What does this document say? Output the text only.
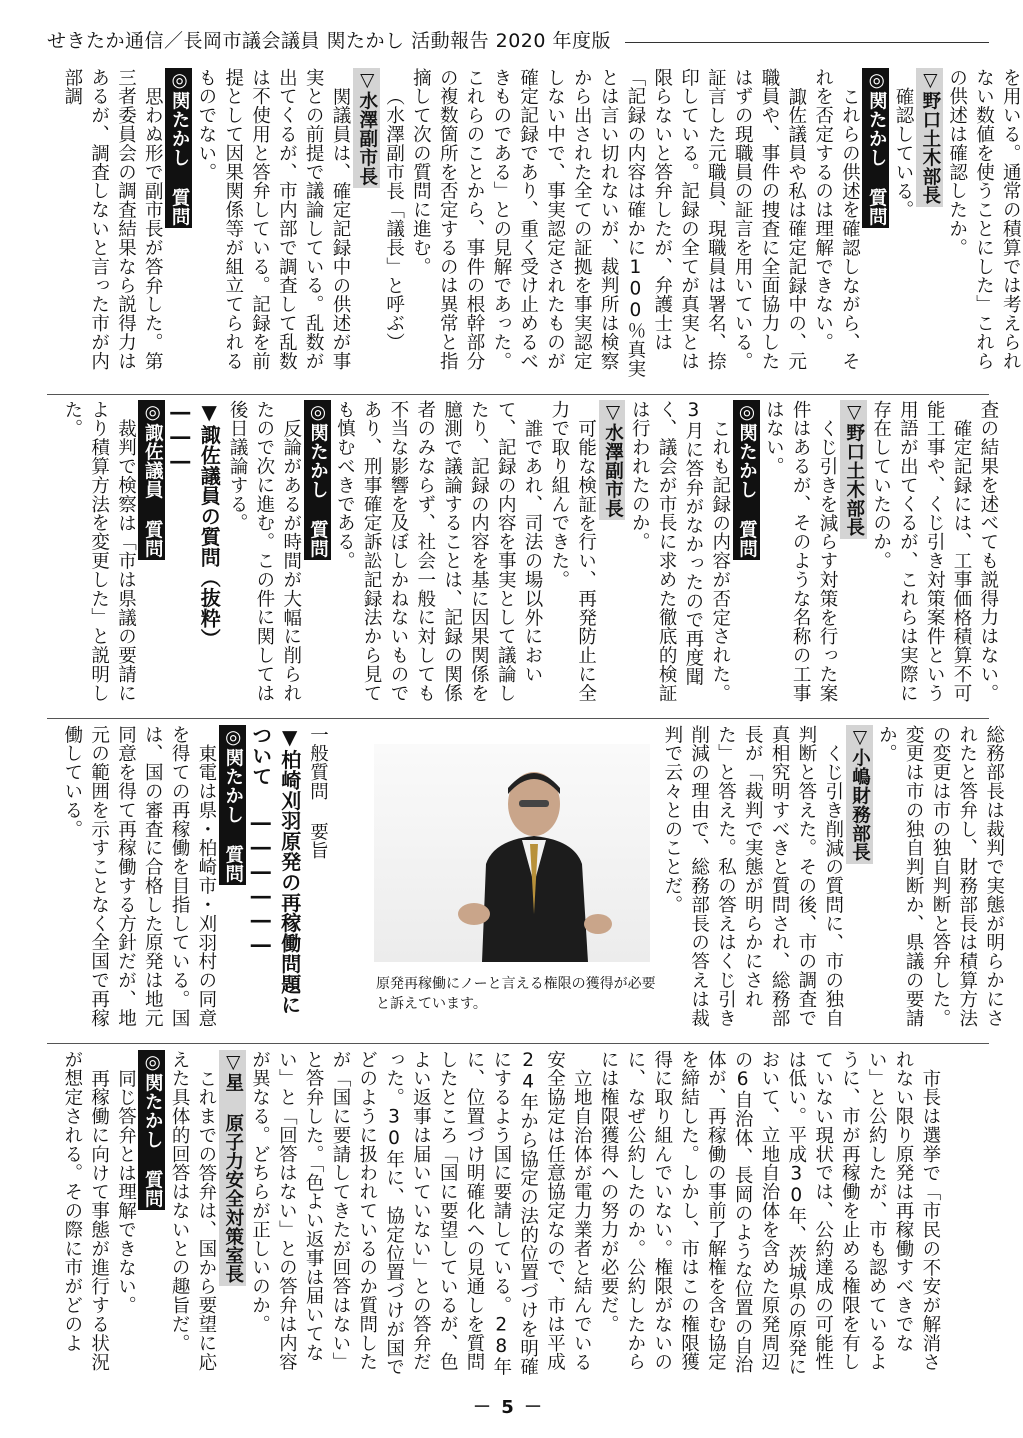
せきたか通信／長岡市議会議員 関たかし 活動報告 2020 年度版
を用いる。通常の積算では考えられない数値を使うことにした」これらの供述は確認したか。
▽野口土木部長
確認している。
◎関たかし 質問
これらの供述を確認しながら、それを否定するのは理解できない。
諏佐議員や私は確定記録中の、元職員や、事件の捜査に全面協力したはずの現職員の証言を用いている。証言した元職員、現職員は署名、捺印している。記録の全てが真実とは限らないと答弁したが、弁護士は「記録の内容は確かに100％真実とは言い切れないが、裁判所は検察から出された全ての証拠を事実認定しない中で、事実認定されたものが確定記録であり、重く受け止めるべきものである」との見解であった。これらのことから、事件の根幹部分の複数箇所を否定するのは異常と指摘して次の質問に進む。
（水澤副市長「議長」と呼ぶ）
▽水澤副市長
関議員は、確定記録中の供述が事実との前提で議論している。乱数が出てくるが、市内部で調査して乱数は不使用と答弁している。記録を前提として因果関係等が組立てられるものでない。
◎関たかし 質問
思わぬ形で副市長が答弁した。第三者委員会の調査結果なら説得力はあるが、調査しないと言った市が内部調
査の結果を述べても説得力はない。
確定記録には、工事価格積算不可能工事や、くじ引き対策案件という用語が出てくるが、これらは実際に存在していたのか。
▽野口土木部長
くじ引きを減らす対策を行った案件はあるが、そのような名称の工事はない。
◎関たかし 質問
これも記録の内容が否定された。3月に答弁がなかったので再度聞く、議会が市長に求めた徹底的検証は行われたのか。
▽水澤副市長
可能な検証を行い、再発防止に全力で取り組んできた。
誰であれ、司法の場以外において、記録の内容を事実として議論したり、記録の内容を基に因果関係を臆測で議論することは、記録の関係者のみならず、社会一般に対しても不当な影響を及ぼしかねないものであり、刑事確定訴訟記録法から見ても慎むべきである。
◎関たかし 質問
反論があるが時間が大幅に削られたので次に進む。この件に関しては後日議論する。
▼諏佐議員の質問（抜粋）―――
◎諏佐議員 質問
裁判で検察は「市は県議の要請により積算方法を変更した」と説明した。
総務部長は裁判で実態が明らかにされたと答弁し、財務部長は積算方法の変更は市の独自判断と答弁した。変更は市の独自判断か、県議の要請か。
▽小嶋財務部長
くじ引き削減の質問に、市の独自判断と答えた。その後、市の調査で真相究明すべきと質問され、総務部長が「裁判で実態が明らかにされた」と答えた。私の答えはくじ引き削減の理由で、総務部長の答えは裁判で云々とのことだ。
一般質問 要旨
▼柏崎刈羽原発の再稼働問題について ――――――
◎関たかし 質問
東電は県・柏崎市・刈羽村の同意を得ての再稼働を目指している。国は、国の審査に合格した原発は地元同意を得て再稼働する方針だが、地元の範囲を示すことなく全国で再稼働している。
原発再稼働にノーと言える権限の獲得が必要と訴えています。
市長は選挙で「市民の不安が解消されない限り原発は再稼働すべきでない」と公約したが、市も認めているように、市が再稼働を止める権限を有していない現状では、公約達成の可能性は低い。平成30年、茨城県の原発において、立地自治体を含めた原発周辺の6自治体、長岡のような位置の自治体が、再稼働の事前了解権を含む協定を締結した。しかし、市はこの権限獲得に取り組んでいない。権限がないのに、なぜ公約したのか。公約したからには権限獲得への努力が必要だ。
立地自治体が電力業者と結んでいる安全協定は任意協定なので、市は平成24年から協定の法的位置づけを明確にするよう国に要請している。28年に、位置づけ明確化への見通しを質問したところ「国に要望しているが、色よい返事は届いていない」との答弁だった。30年に、協定位置づけが国でどのように扱われているのか質問したが「国に要請してきたが回答はない」と答弁した。「色よい返事は届いてない」と「回答はない」との答弁は内容が異なる。どちらが正しいのか。
▽星 原子力安全対策室長
これまでの答弁は、国から要望に応えた具体的回答はないとの趣旨だ。
◎関たかし 質問
同じ答弁とは理解できない。
再稼働に向けて事態が進行する状況が想定される。その際に市がどのよ
－ 5 －
